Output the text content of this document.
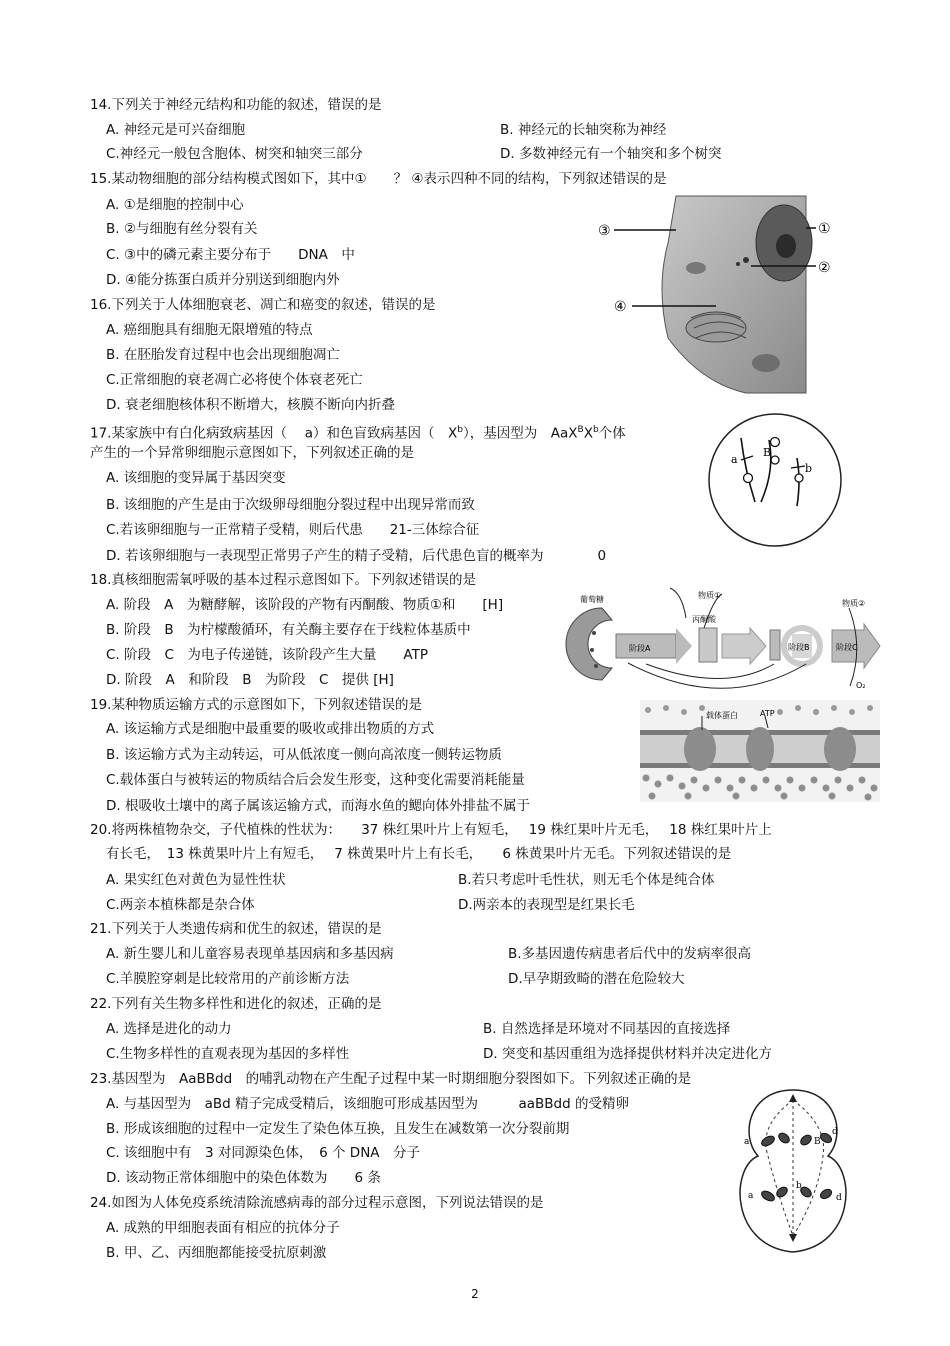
14.下列关于神经元结构和功能的叙述，错误的是
A. 神经元是可兴奋细胞	B. 神经元的长轴突称为神经
C.神经元一般包含胞体、树突和轴突三部分	D. 多数神经元有一个轴突和多个树突
15.某动物细胞的部分结构模式图如下，其中①　　？ ④表示四种不同的结构，下列叙述错误的是
A. ①是细胞的控制中心
B. ②与细胞有丝分裂有关
C. ③中的磷元素主要分布于　　DNA　中
D. ④能分拣蛋白质并分别送到细胞内外
③	①
②
④
16.下列关于人体细胞衰老、凋亡和癌变的叙述，错误的是
A. 癌细胞具有细胞无限增殖的特点
B. 在胚胎发育过程中也会出现细胞凋亡
C.正常细胞的衰老凋亡必将使个体衰老死亡
D. 衰老细胞核体积不断增大，核膜不断向内折叠
17.某家族中有白化病致病基因（　 a）和色盲致病基因（　$X^b$），基因型为　$AaX^BX^b$个体
产生的一个异常卵细胞示意图如下，下列叙述正确的是
A. 该细胞的变异属于基因突变
B. 该细胞的产生是由于次级卵母细胞分裂过程中出现异常而致
C.若该卵细胞与一正常精子受精，则后代患　　21-三体综合征
D. 若该卵细胞与一表现型正常男子产生的精子受精，后代患色盲的概率为　　　　0
a
B
b
18.真核细胞需氧呼吸的基本过程示意图如下。下列叙述错误的是
A. 阶段　A　为糖酵解，该阶段的产物有丙酮酸、物质①和　　[H]
B. 阶段　B　为柠檬酸循环，有关酶主要存在于线粒体基质中
C. 阶段　C　为电子传递链，该阶段产生大量　　ATP
D. 阶段　A　和阶段　B　为阶段　C　提供 [H]
葡萄糖
丙酮酸
物质①
阶段A	阶段B	阶段C
物质②
O₂
19.某种物质运输方式的示意图如下，下列叙述错误的是
A. 该运输方式是细胞中最重要的吸收或排出物质的方式
B. 该运输方式为主动转运，可从低浓度一侧向高浓度一侧转运物质
C.载体蛋白与被转运的物质结合后会发生形变，这种变化需要消耗能量
D. 根吸收土壤中的离子属该运输方式，而海水鱼的鳃向体外排盐不属于
载体蛋白	ATP
20.将两株植物杂交，子代植株的性状为：　　37 株红果叶片上有短毛，　 19 株红果叶片无毛，　 18 株红果叶片上
有长毛，　13 株黄果叶片上有短毛，　 7 株黄果叶片上有长毛，　　6 株黄果叶片无毛。下列叙述错误的是
A. 果实红色对黄色为显性性状	B.若只考虑叶毛性状，则无毛个体是纯合体
C.两亲本植株都是杂合体	D.两亲本的表现型是红果长毛
21.下列关于人类遗传病和优生的叙述，错误的是
A. 新生婴儿和儿童容易表现单基因病和多基因病	B.多基因遗传病患者后代中的发病率很高
C.羊膜腔穿刺是比较常用的产前诊断方法	D.早孕期致畸的潜在危险较大
22.下列有关生物多样性和进化的叙述，正确的是
A. 选择是进化的动力	B. 自然选择是环境对不同基因的直接选择
C.生物多样性的直观表现为基因的多样性	D. 突变和基因重组为选择提供材料并决定进化方
23.基因型为　AaBBdd　的哺乳动物在产生配子过程中某一时期细胞分裂图如下。下列叙述正确的是
A. 与基因型为　aBd 精子完成受精后，该细胞可形成基因型为　　　aaBBdd 的受精卵
B. 形成该细胞的过程中一定发生了染色体互换，且发生在减数第一次分裂前期
C. 该细胞中有　3 对同源染色体，　6 个 DNA　分子
D. 该动物正常体细胞中的染色体数为　　6 条
a	B
d
a
b
d
24.如图为人体免疫系统清除流感病毒的部分过程示意图，下列说法错误的是
A. 成熟的甲细胞表面有相应的抗体分子
B. 甲、乙、丙细胞都能接受抗原刺激
2
